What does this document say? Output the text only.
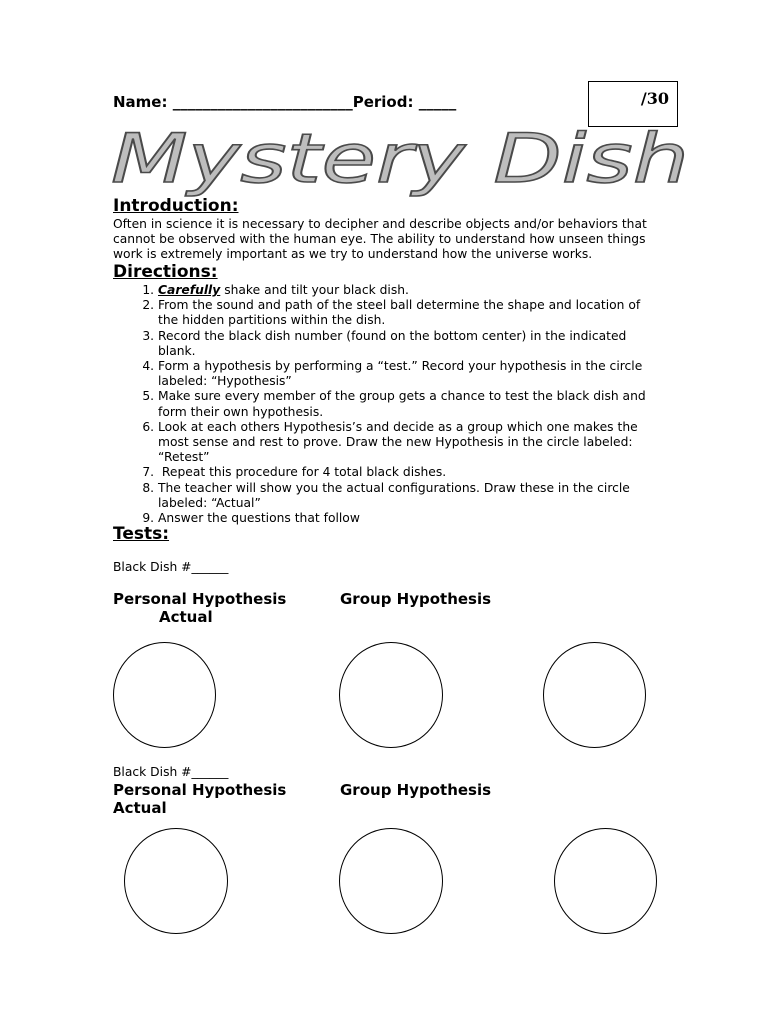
Name: ________________________Period: _____	/30
Mystery Dish
Introduction:

Often in science it is necessary to decipher and describe objects and/or behaviors that cannot be observed with the human eye. The ability to understand how unseen things work is extremely important as we try to understand how the universe works.

Directions:
1. Carefully shake and tilt your black dish.
2. From the sound and path of the steel ball determine the shape and location of the hidden partitions within the dish.
3. Record the black dish number (found on the bottom center) in the indicated blank.
4. Form a hypothesis by performing a “test.” Record your hypothesis in the circle labeled: “Hypothesis”
5. Make sure every member of the group gets a chance to test the black dish and form their own hypothesis.
6. Look at each others Hypothesis’s and decide as a group which one makes the most sense and rest to prove. Draw the new Hypothesis in the circle labeled: “Retest”
7.  Repeat this procedure for 4 total black dishes.
8. The teacher will show you the actual configurations. Draw these in the circle labeled: “Actual”
9. Answer the questions that follow
Tests:
Black Dish #______
Personal Hypothesis
Actual
Group Hypothesis
Black Dish #______
Personal Hypothesis
Actual
Group Hypothesis
